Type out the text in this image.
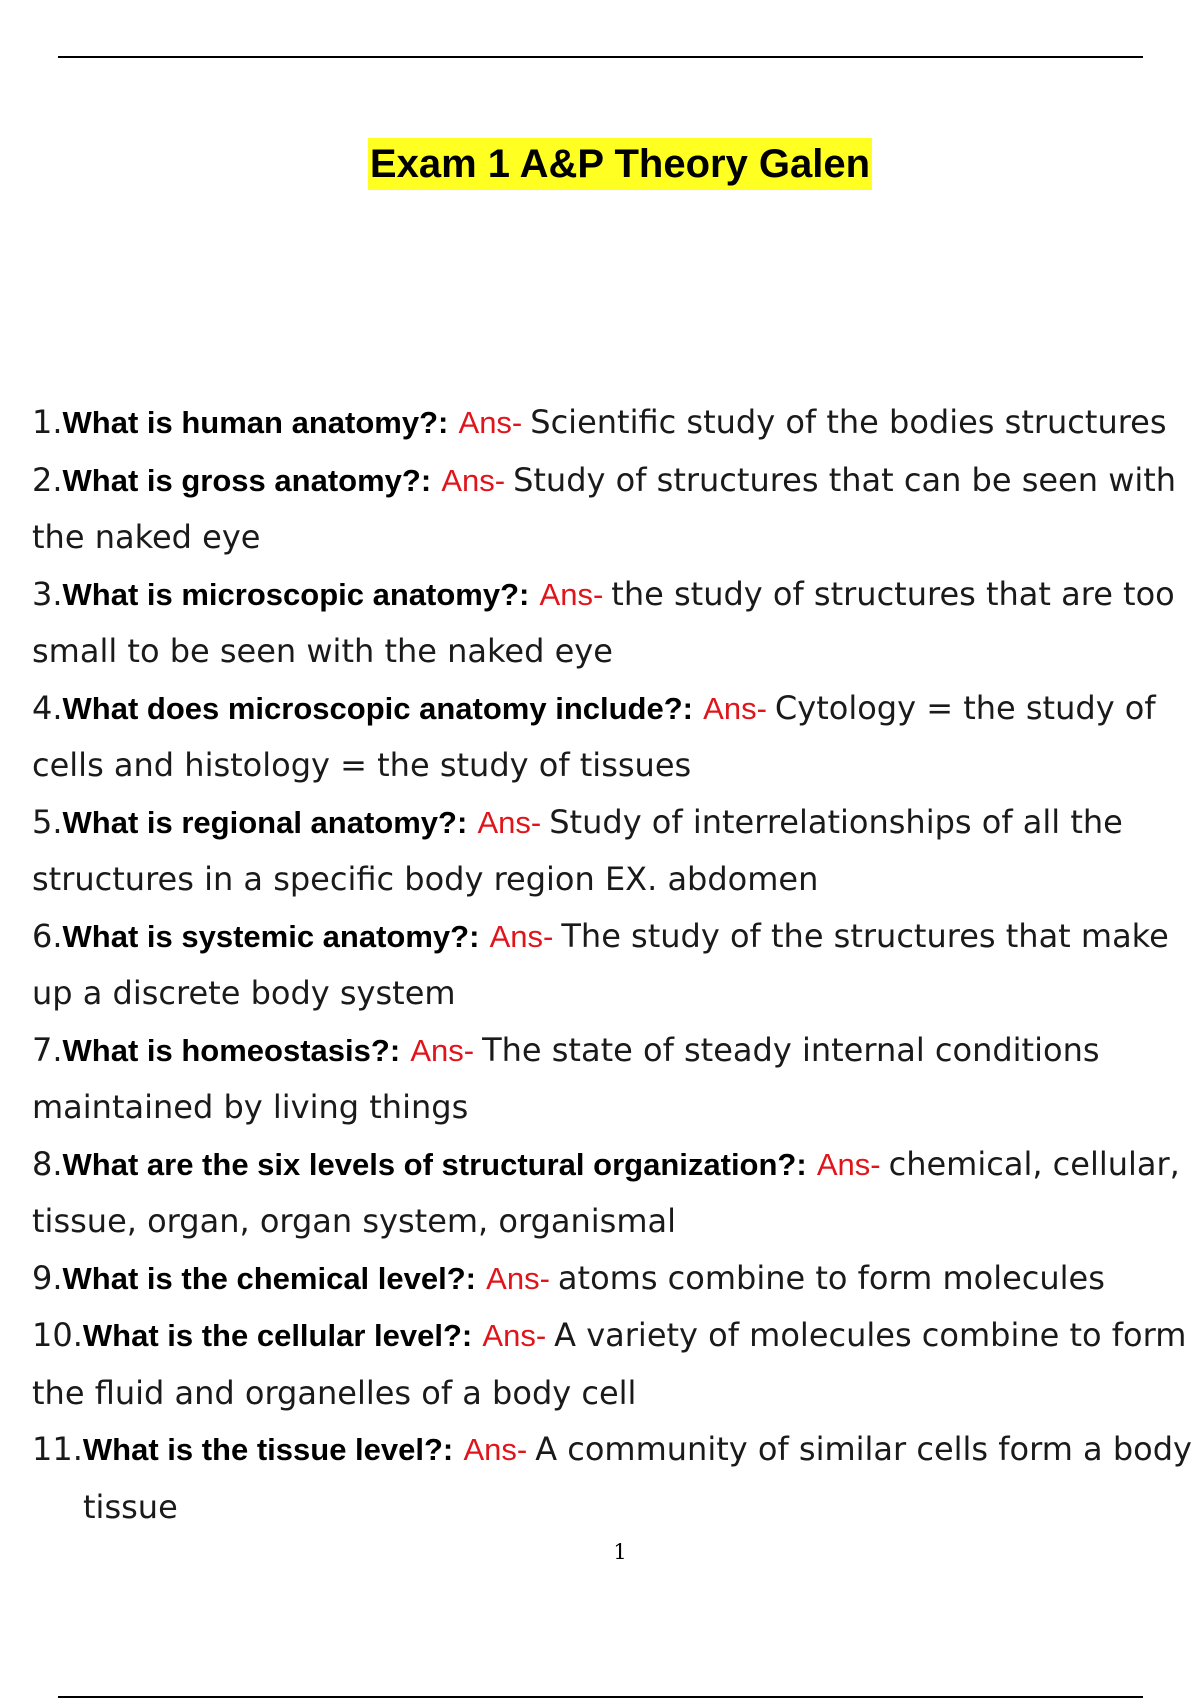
Exam 1 A&P Theory Galen
1.What is human anatomy?: Ans- Scientific study of the bodies structures
2.What is gross anatomy?: Ans- Study of structures that can be seen with the naked eye
3.What is microscopic anatomy?: Ans- the study of structures that are too small to be seen with the naked eye
4.What does microscopic anatomy include?: Ans- Cytology = the study of cells and histology = the study of tissues
5.What is regional anatomy?: Ans- Study of interrelationships of all the structures in a specific body region EX. abdomen
6.What is systemic anatomy?: Ans- The study of the structures that make up a discrete body system
7.What is homeostasis?: Ans- The state of steady internal conditions maintained by living things
8.What are the six levels of structural organization?: Ans- chemical, cellular, tissue, organ, organ system, organismal
9.What is the chemical level?: Ans- atoms combine to form molecules
10.What is the cellular level?: Ans- A variety of molecules combine to form the fluid and organelles of a body cell
11.What is the tissue level?: Ans- A community of similar cells form a body
tissue
1
